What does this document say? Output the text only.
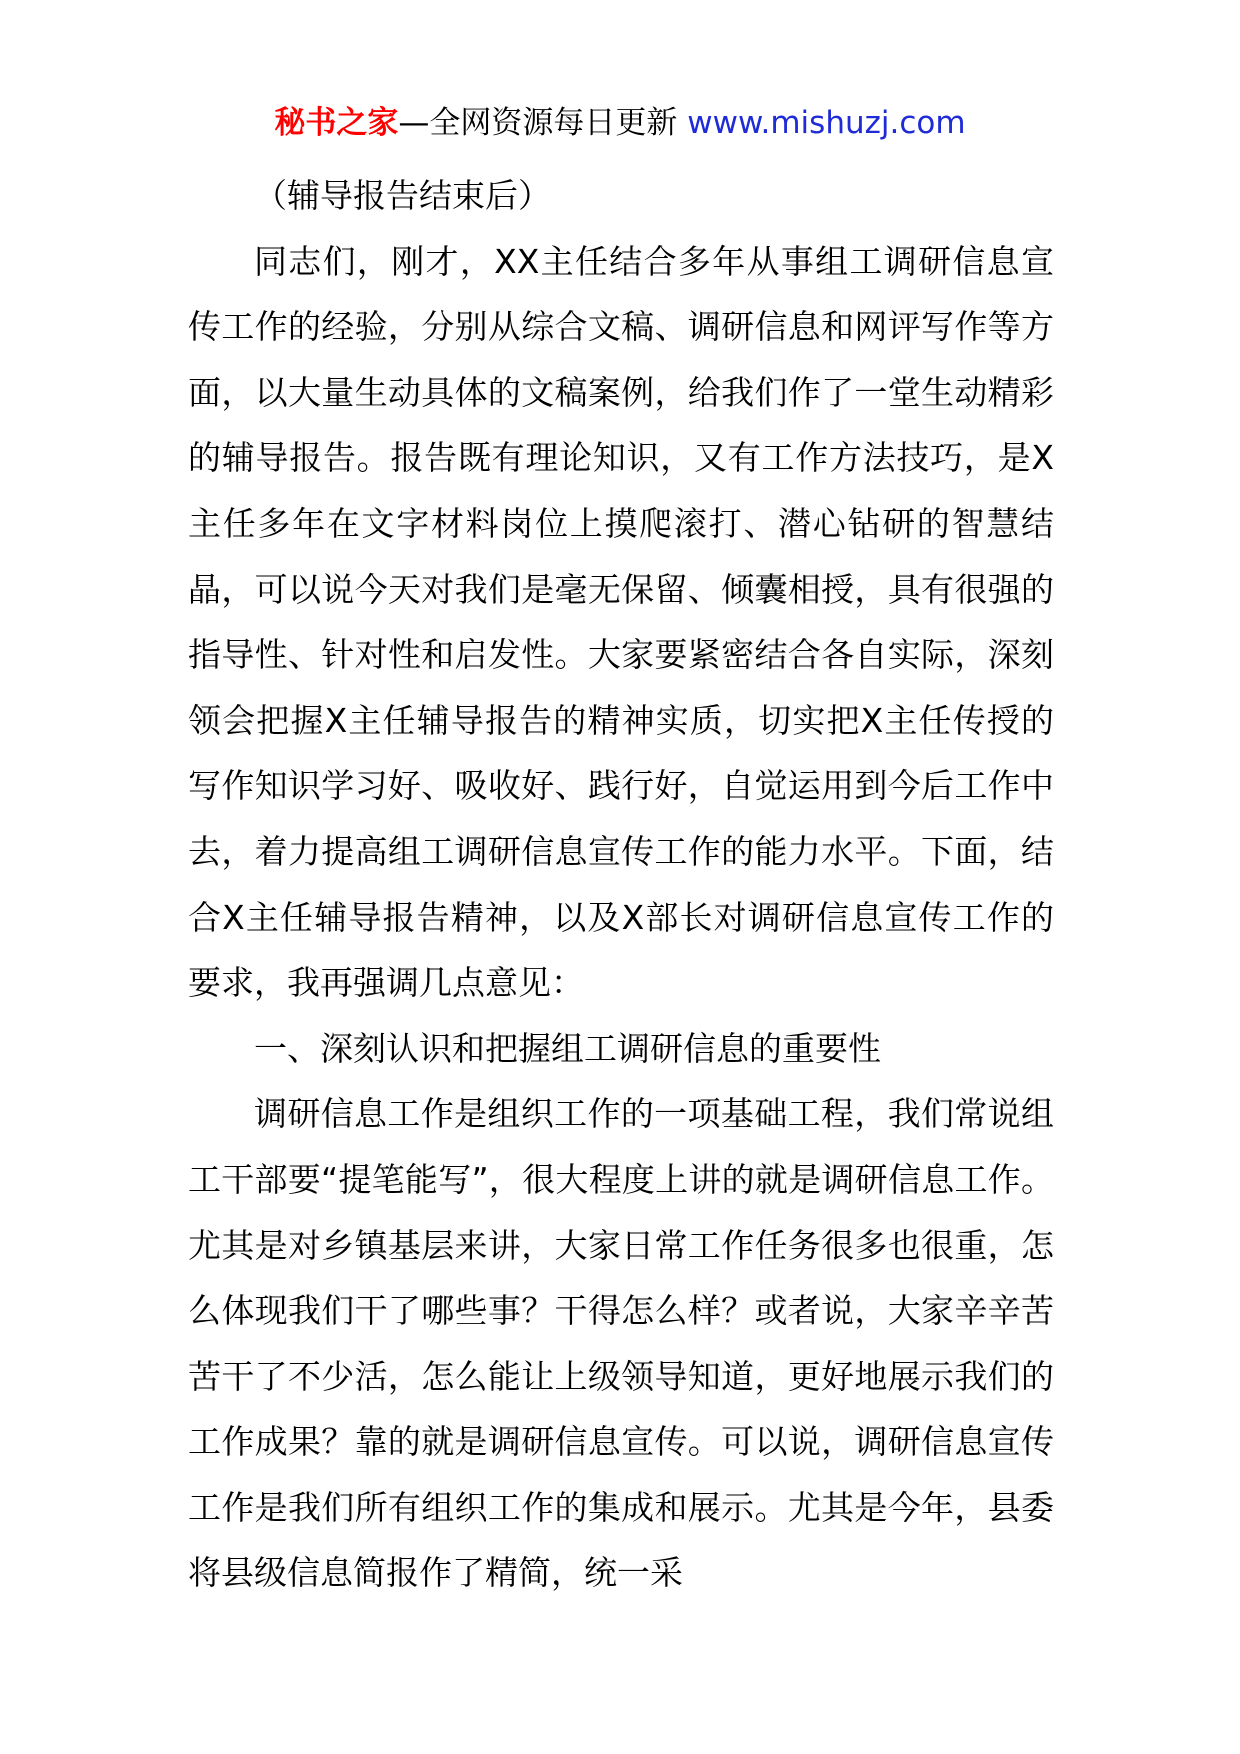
秘书之家—全网资源每日更新 www.mishuzj.com

（辅导报告结束后）

同志们，刚才，XX主任结合多年从事组工调研信息宣传工作的经验，分别从综合文稿、调研信息和网评写作等方面，以大量生动具体的文稿案例，给我们作了一堂生动精彩的辅导报告。报告既有理论知识，又有工作方法技巧，是X主任多年在文字材料岗位上摸爬滚打、潜心钻研的智慧结晶，可以说今天对我们是毫无保留、倾囊相授，具有很强的指导性、针对性和启发性。大家要紧密结合各自实际，深刻领会把握X主任辅导报告的精神实质，切实把X主任传授的写作知识学习好、吸收好、践行好，自觉运用到今后工作中去，着力提高组工调研信息宣传工作的能力水平。下面，结合X主任辅导报告精神，以及X部长对调研信息宣传工作的要求，我再强调几点意见：

一、深刻认识和把握组工调研信息的重要性

调研信息工作是组织工作的一项基础工程，我们常说组工干部要“提笔能写”，很大程度上讲的就是调研信息工作。尤其是对乡镇基层来讲，大家日常工作任务很多也很重，怎么体现我们干了哪些事？干得怎么样？或者说，大家辛辛苦苦干了不少活，怎么能让上级领导知道，更好地展示我们的工作成果？靠的就是调研信息宣传。可以说，调研信息宣传工作是我们所有组织工作的集成和展示。尤其是今年，县委将县级信息简报作了精简，统一采
